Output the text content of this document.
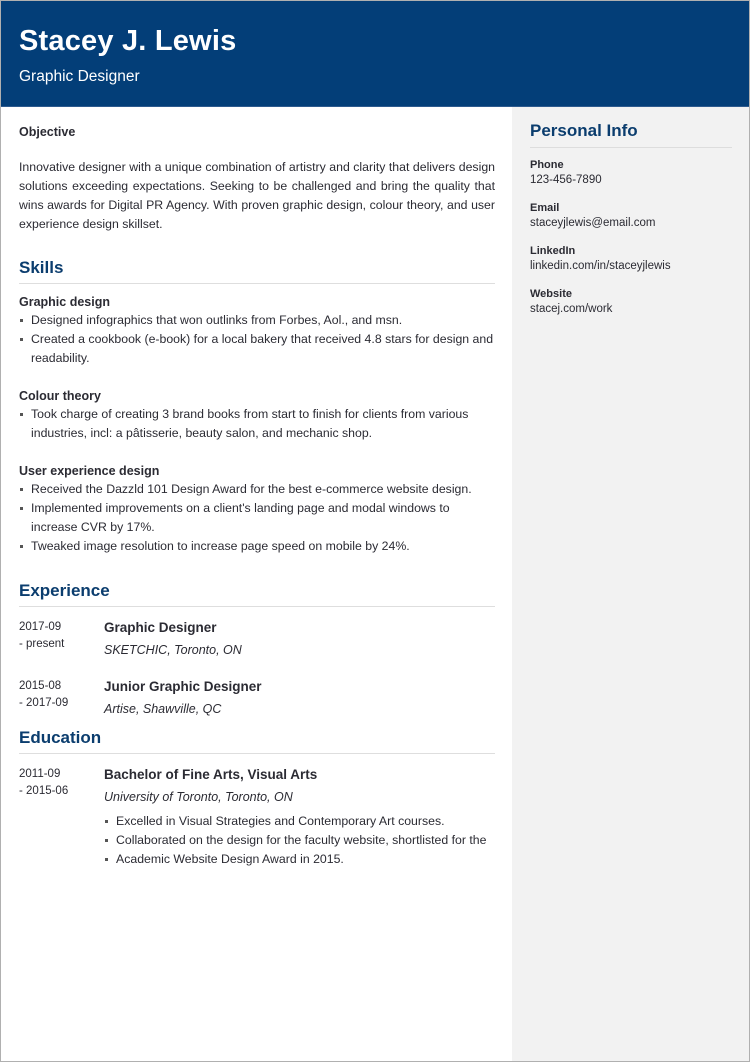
Stacey J. Lewis
Graphic Designer
Personal Info
Phone
123-456-7890
Email
staceyjlewis@email.com
LinkedIn
linkedin.com/in/staceyjlewis
Website
stacej.com/work
Objective
Innovative designer with a unique combination of artistry and clarity that delivers design solutions exceeding expectations. Seeking to be challenged and bring the quality that wins awards for Digital PR Agency. With proven graphic design, colour theory, and user experience design skillset.
Skills
Graphic design
Designed infographics that won outlinks from Forbes, Aol., and msn.
Created a cookbook (e-book) for a local bakery that received 4.8 stars for design and readability.
Colour theory
Took charge of creating 3 brand books from start to finish for clients from various industries, incl: a pâtisserie, beauty salon, and mechanic shop.
User experience design
Received the Dazzld 101 Design Award for the best e-commerce website design.
Implemented improvements on a client's landing page and modal windows to increase CVR by 17%.
Tweaked image resolution to increase page speed on mobile by 24%.
Experience
2017-09
- present
Graphic Designer
SKETCHIC, Toronto, ON
2015-08
- 2017-09
Junior Graphic Designer
Artise, Shawville, QC
Education
2011-09
- 2015-06
Bachelor of Fine Arts, Visual Arts
University of Toronto, Toronto, ON
Excelled in Visual Strategies and Contemporary Art courses.
Collaborated on the design for the faculty website, shortlisted for the
Academic Website Design Award in 2015.
